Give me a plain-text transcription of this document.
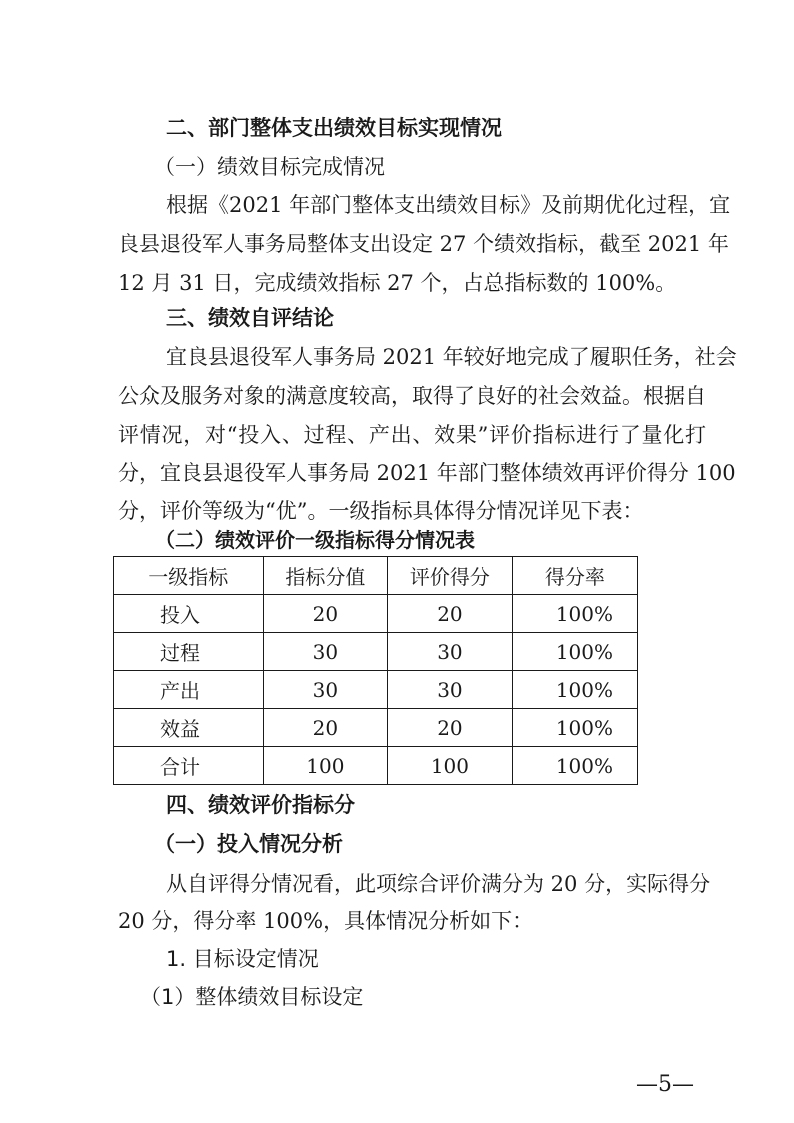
二、部门整体支出绩效目标实现情况
（一）绩效目标完成情况
根据《2021 年部门整体支出绩效目标》及前期优化过程，宜
良县退役军人事务局整体支出设定 27 个绩效指标，截至 2021 年
12 月 31 日，完成绩效指标 27 个，占总指标数的 100%。
三、绩效自评结论
宜良县退役军人事务局 2021 年较好地完成了履职任务，社会
公众及服务对象的满意度较高，取得了良好的社会效益。根据自
评情况，对“投入、过程、产出、效果”评价指标进行了量化打
分，宜良县退役军人事务局 2021 年部门整体绩效再评价得分 100
分，评价等级为“优”。一级指标具体得分情况详见下表：
（二）绩效评价一级指标得分情况表
一级指标	指标分值	评价得分	得分率
投入	20	20	100%
过程	30	30	100%
产出	30	30	100%
效益	20	20	100%
合计	100	100	100%
四、绩效评价指标分
（一）投入情况分析
从自评得分情况看，此项综合评价满分为 20 分，实际得分
20 分，得分率 100%，具体情况分析如下：
1. 目标设定情况
（1）整体绩效目标设定
—5—
